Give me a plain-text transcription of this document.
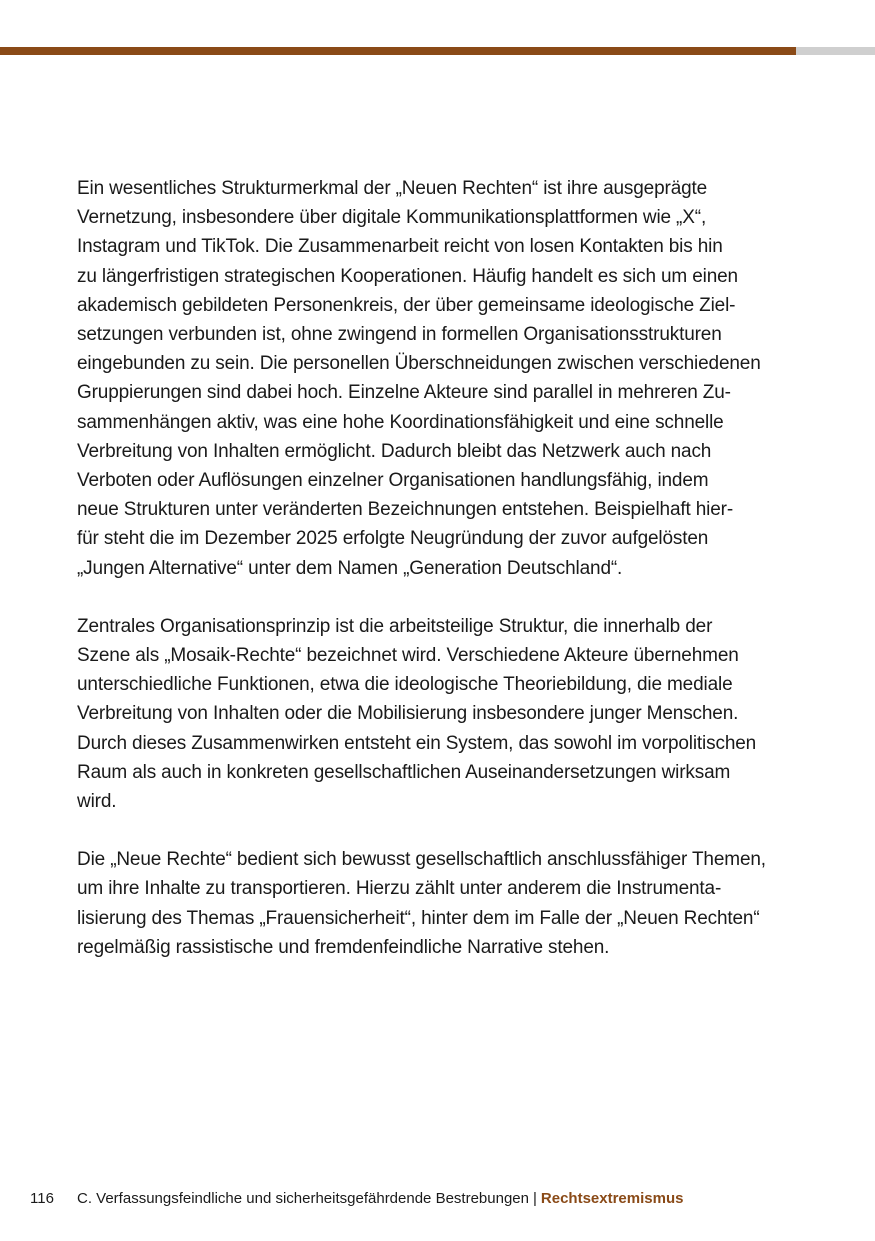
Ein wesentliches Strukturmerkmal der „Neuen Rechten“ ist ihre ausgeprägte
Vernetzung, insbesondere über digitale Kommunikationsplattformen wie „X“,
Instagram und TikTok. Die Zusammenarbeit reicht von losen Kontakten bis hin
zu längerfristigen strategischen Kooperationen. Häufig handelt es sich um einen
akademisch gebildeten Personenkreis, der über gemeinsame ideologische Ziel-
setzungen verbunden ist, ohne zwingend in formellen Organisationsstrukturen
eingebunden zu sein. Die personellen Überschneidungen zwischen verschiedenen
Gruppierungen sind dabei hoch. Einzelne Akteure sind parallel in mehreren Zu-
sammenhängen aktiv, was eine hohe Koordinationsfähigkeit und eine schnelle
Verbreitung von Inhalten ermöglicht. Dadurch bleibt das Netzwerk auch nach
Verboten oder Auflösungen einzelner Organisationen handlungsfähig, indem
neue Strukturen unter veränderten Bezeichnungen entstehen. Beispielhaft hier-
für steht die im Dezember 2025 erfolgte Neugründung der zuvor aufgelösten
„Jungen Alternative“ unter dem Namen „Generation Deutschland“.

Zentrales Organisationsprinzip ist die arbeitsteilige Struktur, die innerhalb der
Szene als „Mosaik-Rechte“ bezeichnet wird. Verschiedene Akteure übernehmen
unterschiedliche Funktionen, etwa die ideologische Theoriebildung, die mediale
Verbreitung von Inhalten oder die Mobilisierung insbesondere junger Menschen.
Durch dieses Zusammenwirken entsteht ein System, das sowohl im vorpolitischen
Raum als auch in konkreten gesellschaftlichen Auseinandersetzungen wirksam
wird.

Die „Neue Rechte“ bedient sich bewusst gesellschaftlich anschlussfähiger Themen,
um ihre Inhalte zu transportieren. Hierzu zählt unter anderem die Instrumenta-
lisierung des Themas „Frauensicherheit“, hinter dem im Falle der „Neuen Rechten“
regelmäßig rassistische und fremdenfeindliche Narrative stehen.

116 C. Verfassungsfeindliche und sicherheitsgefährdende Bestrebungen | Rechtsextremismus
